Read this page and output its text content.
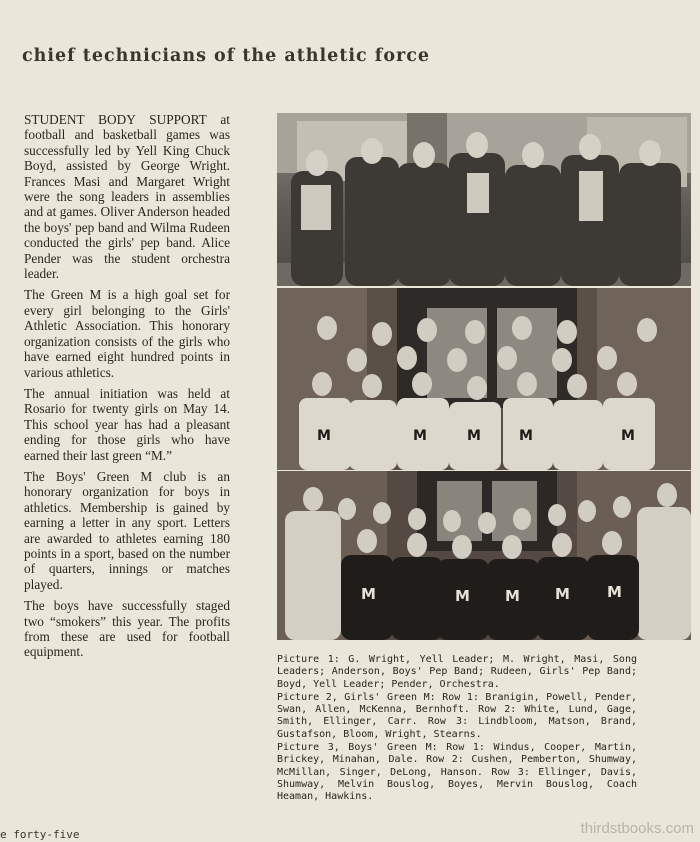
chief technicians of the athletic force

STUDENT BODY SUPPORT at football and basketball games was successfully led by Yell King Chuck Boyd, assisted by George Wright. Frances Masi and Margaret Wright were the song leaders in assemblies and at games. Oliver Anderson headed the boys' pep band and Wilma Rudeen conducted the girls' pep band. Alice Pender was the student orchestra leader.

The Green M is a high goal set for every girl belonging to the Girls' Athletic Association. This honorary organization consists of the girls who have earned eight hundred points in various athletics.

The annual initiation was held at Rosario for twenty girls on May 14. This school year has had a pleasant ending for those girls who have earned their last green “M.”

The Boys' Green M club is an honorary organization for boys in athletics. Membership is gained by earning a letter in any sport. Letters are awarded to athletes earning 180 points in a sport, based on the number of quarters, innings or matches played.

The boys have successfully staged two “smokers” this year. The profits from these are used for football equipment.

M	M	M	M	M
M	M M M M

Picture 1: G. Wright, Yell Leader; M. Wright, Masi, Song Leaders; Anderson, Boys' Pep Band; Rudeen, Girls' Pep Band; Boyd, Yell Leader; Pender, Orchestra.

Picture 2, Girls' Green M: Row 1: Branigin, Powell, Pender, Swan, Allen, McKenna, Bernhoft. Row 2: White, Lund, Gage, Smith, Ellinger, Carr. Row 3: Lindbloom, Matson, Brand, Gustafson, Bloom, Wright, Stearns.

Picture 3, Boys' Green M: Row 1: Windus, Cooper, Martin, Brickey, Minahan, Dale. Row 2: Cushen, Pemberton, Shumway, McMillan, Singer, DeLong, Hanson. Row 3: Ellinger, Davis, Shumway, Melvin Bouslog, Boyes, Mervin Bouslog, Coach Heaman, Hawkins.

e forty-five	thirdstbooks.com
